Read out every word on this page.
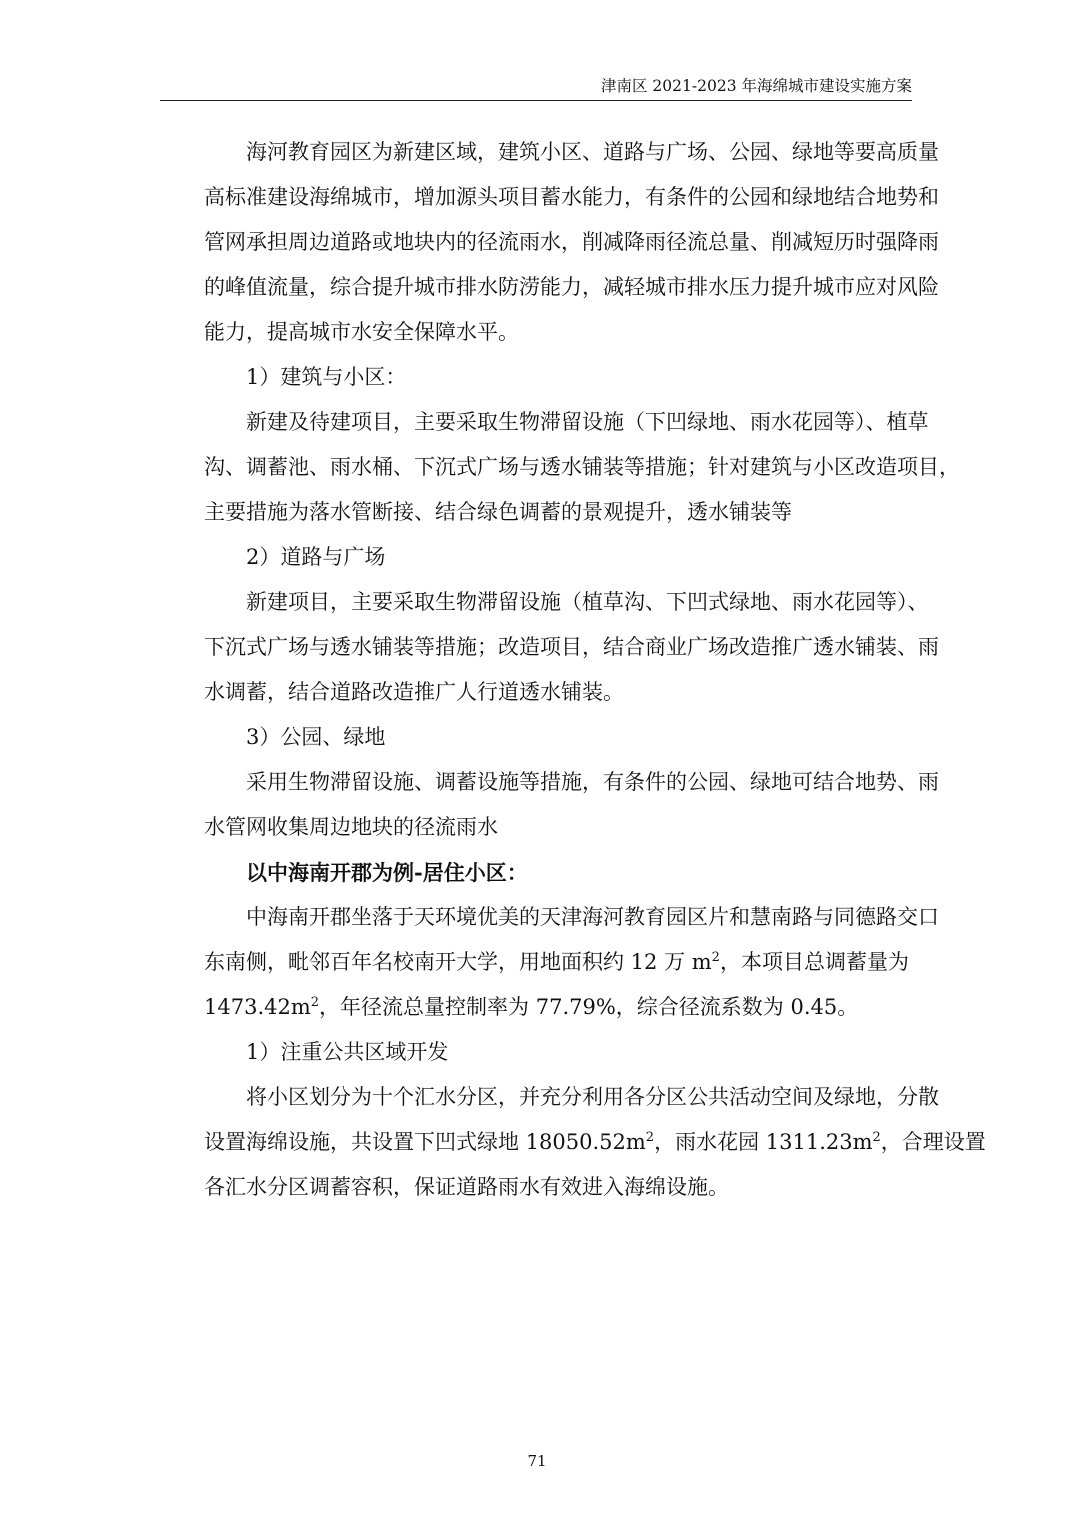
津南区 2021-2023 年海绵城市建设实施方案
海河教育园区为新建区域，建筑小区、道路与广场、公园、绿地等要高质量
高标准建设海绵城市，增加源头项目蓄水能力，有条件的公园和绿地结合地势和
管网承担周边道路或地块内的径流雨水，削减降雨径流总量、削减短历时强降雨
的峰值流量，综合提升城市排水防涝能力，减轻城市排水压力提升城市应对风险
能力，提高城市水安全保障水平。
1）建筑与小区：
新建及待建项目，主要采取生物滞留设施（下凹绿地、雨水花园等）、植草
沟、调蓄池、雨水桶、下沉式广场与透水铺装等措施；针对建筑与小区改造项目，
主要措施为落水管断接、结合绿色调蓄的景观提升，透水铺装等
2）道路与广场
新建项目，主要采取生物滞留设施（植草沟、下凹式绿地、雨水花园等）、
下沉式广场与透水铺装等措施；改造项目，结合商业广场改造推广透水铺装、雨
水调蓄，结合道路改造推广人行道透水铺装。
3）公园、绿地
采用生物滞留设施、调蓄设施等措施，有条件的公园、绿地可结合地势、雨
水管网收集周边地块的径流雨水
以中海南开郡为例-居住小区：
中海南开郡坐落于天环境优美的天津海河教育园区片和慧南路与同德路交口
东南侧，毗邻百年名校南开大学，用地面积约 12 万 $m^2$，本项目总调蓄量为
$1473.42m^2$，年径流总量控制率为 77.79%，综合径流系数为 0.45。
1）注重公共区域开发
将小区划分为十个汇水分区，并充分利用各分区公共活动空间及绿地，分散
设置海绵设施，共设置下凹式绿地 $18050.52m^2$，雨水花园 $1311.23m^2$，合理设置
各汇水分区调蓄容积，保证道路雨水有效进入海绵设施。
71
